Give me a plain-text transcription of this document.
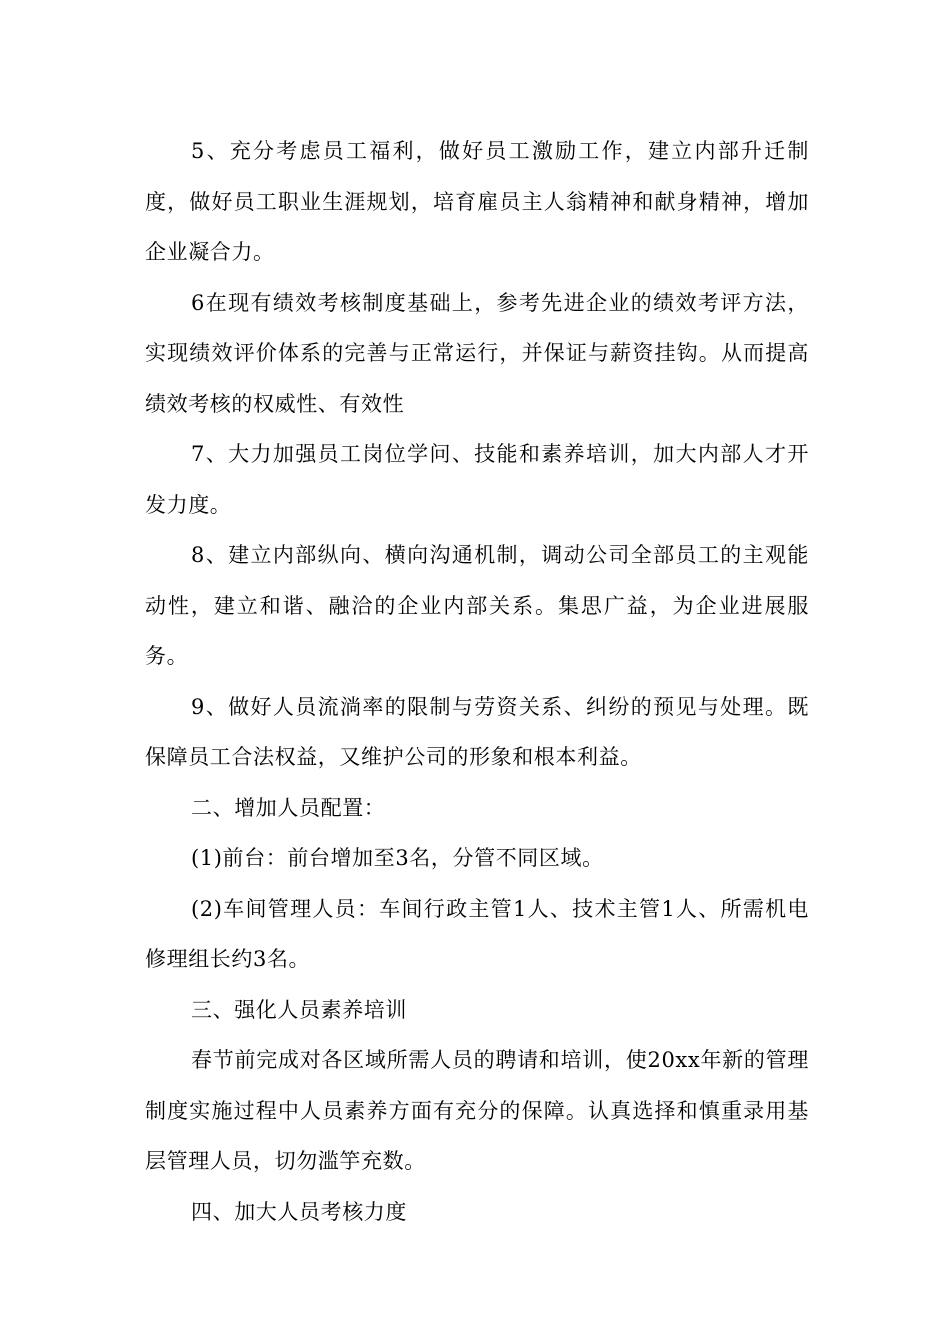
5、充分考虑员工福利，做好员工激励工作，建立内部升迁制度，做好员工职业生涯规划，培育雇员主人翁精神和献身精神，增加企业凝合力。

6在现有绩效考核制度基础上，参考先进企业的绩效考评方法，实现绩效评价体系的完善与正常运行，并保证与薪资挂钩。从而提高绩效考核的权威性、有效性

7、大力加强员工岗位学问、技能和素养培训，加大内部人才开发力度。

8、建立内部纵向、横向沟通机制，调动公司全部员工的主观能动性，建立和谐、融洽的企业内部关系。集思广益，为企业进展服务。

9、做好人员流淌率的限制与劳资关系、纠纷的预见与处理。既保障员工合法权益，又维护公司的形象和根本利益。

二、增加人员配置：

(1)前台：前台增加至3名，分管不同区域。

(2)车间管理人员：车间行政主管1人、技术主管1人、所需机电修理组长约3名。

三、强化人员素养培训

春节前完成对各区域所需人员的聘请和培训，使20xx年新的管理制度实施过程中人员素养方面有充分的保障。认真选择和慎重录用基层管理人员，切勿滥竽充数。

四、加大人员考核力度
